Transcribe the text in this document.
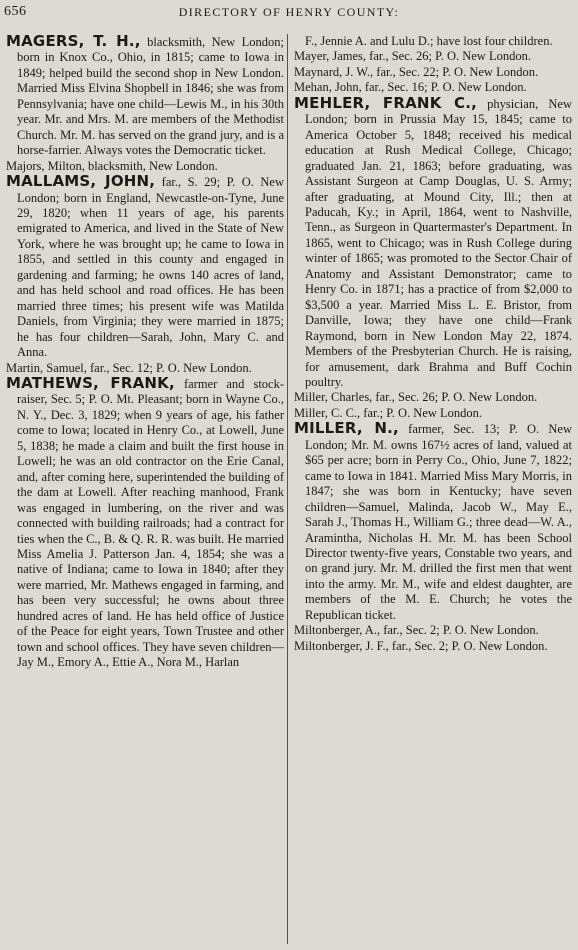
656	DIRECTORY OF HENRY COUNTY:

MAGERS, T. H., blacksmith, New London; born in Knox Co., Ohio, in 1815; came to Iowa in 1849; helped build the second shop in New London. Married Miss Elvina Shopbell in 1846; she was from Pennsylvania; have one child—Lewis M., in his 30th year. Mr. and Mrs. M. are members of the Methodist Church. Mr. M. has served on the grand jury, and is a horse-farrier. Always votes the Democratic ticket.

Majors, Milton, blacksmith, New London.

MALLAMS, JOHN, far., S. 29; P. O. New London; born in England, Newcastle-on-Tyne, June 29, 1820; when 11 years of age, his parents emigrated to America, and lived in the State of New York, where he was brought up; he came to Iowa in 1855, and settled in this county and engaged in gardening and farming; he owns 140 acres of land, and has held school and road offices. He has been married three times; his present wife was Matilda Daniels, from Virginia; they were married in 1875; he has four children—Sarah, John, Mary C. and Anna.

Martin, Samuel, far., Sec. 12; P. O. New London.

MATHEWS, FRANK, farmer and stock-raiser, Sec. 5; P. O. Mt. Pleasant; born in Wayne Co., N. Y., Dec. 3, 1829; when 9 years of age, his father come to Iowa; located in Henry Co., at Lowell, June 5, 1838; he made a claim and built the first house in Lowell; he was an old contractor on the Erie Canal, and, after coming here, superintended the building of the dam at Lowell. After reaching manhood, Frank was engaged in lumbering, on the river and was connected with building railroads; had a contract for ties when the C., B. & Q. R. R. was built. He married Miss Amelia J. Patterson Jan. 4, 1854; she was a native of Indiana; came to Iowa in 1840; after they were married, Mr. Mathews engaged in farming, and has been very successful; he owns about three hundred acres of land. He has held office of Justice of the Peace for eight years, Town Trustee and other town and school offices. They have seven children—Jay M., Emory A., Ettie A., Nora M., Harlan

F., Jennie A. and Lulu D.; have lost four children.

Mayer, James, far., Sec. 26; P. O. New London.

Maynard, J. W., far., Sec. 22; P. O. New London.

Mehan, John, far., Sec. 16; P. O. New London.

MEHLER, FRANK C., physician, New London; born in Prussia May 15, 1845; came to America October 5, 1848; received his medical education at Rush Medical College, Chicago; graduated Jan. 21, 1863; before graduating, was Assistant Surgeon at Camp Douglas, U. S. Army; after graduating, at Mound City, Ill.; then at Paducah, Ky.; in April, 1864, went to Nashville, Tenn., as Surgeon in Quartermaster's Department. In 1865, went to Chicago; was in Rush College during winter of 1865; was promoted to the Sector Chair of Anatomy and Assistant Demonstrator; came to Henry Co. in 1871; has a practice of from $2,000 to $3,500 a year. Married Miss L. E. Bristor, from Danville, Iowa; they have one child—Frank Raymond, born in New London May 22, 1874. Members of the Presbyterian Church. He is raising, for amusement, dark Brahma and Buff Cochin poultry.

Miller, Charles, far., Sec. 26; P. O. New London.

Miller, C. C., far.; P. O. New London.

MILLER, N., farmer, Sec. 13; P. O. New London; Mr. M. owns 167½ acres of land, valued at $65 per acre; born in Perry Co., Ohio, June 7, 1822; came to Iowa in 1841. Married Miss Mary Morris, in 1847; she was born in Kentucky; have seven children—Samuel, Malinda, Jacob W., May E., Sarah J., Thomas H., William G.; three dead—W. A., Aramintha, Nicholas H. Mr. M. has been School Director twenty-five years, Constable two years, and on grand jury. Mr. M. drilled the first men that went into the army. Mr. M., wife and eldest daughter, are members of the M. E. Church; he votes the Republican ticket.

Miltonberger, A., far., Sec. 2; P. O. New London.

Miltonberger, J. F., far., Sec. 2; P. O. New London.
